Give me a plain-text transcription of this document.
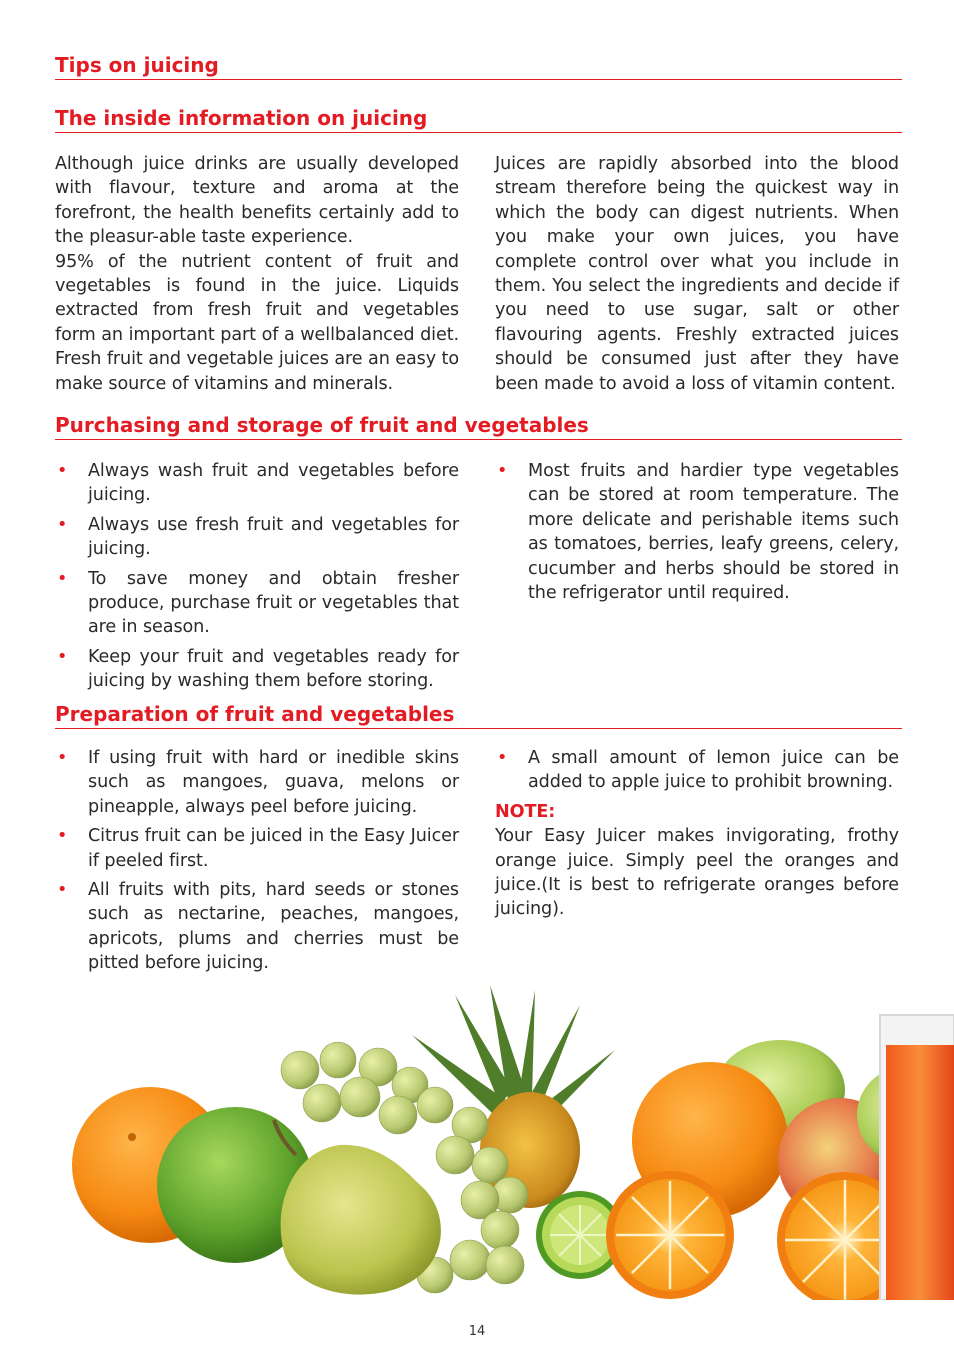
Tips on juicing
The inside information on juicing

Although juice drinks are usually developed with flavour, texture and aroma at the forefront, the health benefits certainly add to the pleasur-able taste experience.

95% of the nutrient content of fruit and vegetables is found in the juice. Liquids extracted from fresh fruit and vegetables form an important part of a wellbalanced diet. Fresh fruit and vegetable juices are an easy to make source of vitamins and minerals.

Juices are rapidly absorbed into the blood stream therefore being the quickest way in which the body can digest nutrients. When you make your own juices, you have complete control over what you include in them. You select the ingredients and decide if you need to use sugar, salt or other flavouring agents. Freshly extracted juices should be consumed just after they have been made to avoid a loss of vitamin content.

Purchasing and storage of fruit and vegetables
• Always wash fruit and vegetables before juicing.
• Always use fresh fruit and vegetables for juicing.
• To save money and obtain fresher produce, purchase fruit or vegetables that are in season.
• Keep your fruit and vegetables ready for juicing by washing them before storing.
• Most fruits and hardier type vegetables can be stored at room temperature. The more delicate and perishable items such as tomatoes, berries, leafy greens, celery, cucumber and herbs should be stored in the refrigerator until required.
Preparation of fruit and vegetables
• If using fruit with hard or inedible skins such as mangoes, guava, melons or pineapple, always peel before juicing.
• Citrus fruit can be juiced in the Easy Juicer if peeled first.
• All fruits with pits, hard seeds or stones such as nectarine, peaches, mangoes, apricots, plums and cherries must be pitted before juicing.
• A small amount of lemon juice can be added to apple juice to prohibit browning.
NOTE:

Your Easy Juicer makes invigorating, frothy orange juice. Simply peel the oranges and juice.(It is best to refrigerate oranges before juicing).

14
